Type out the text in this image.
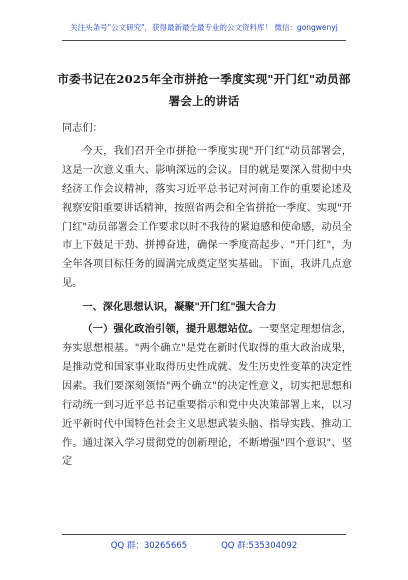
关注头条号"公文研究"，获得最新最全最专业的公文资料库！ 微信：gongwenyj
市委书记在2025年全市拼抢一季度实现"开门红"动员部
署会上的讲话

同志们：

今天，我们召开全市拼抢一季度实现"开门红"动员部署会，这是一次意义重大、影响深远的会议。目的就是要深入贯彻中央经济工作会议精神，落实习近平总书记对河南工作的重要论述及视察安阳重要讲话精神，按照省两会和全省拼抢一季度、实现"开门红"动员部署会工作要求以时不我待的紧迫感和使命感，动员全市上下鼓足干劲、拼搏奋进，确保一季度高起步、"开门红"，为全年各项目标任务的圆满完成奠定坚实基础。下面，我讲几点意见。

一、深化思想认识，凝聚"开门红"强大合力

（一）强化政治引领，提升思想站位。一要坚定理想信念，夯实思想根基。"两个确立"是党在新时代取得的重大政治成果，是推动党和国家事业取得历史性成就、发生历史性变革的决定性因素。我们要深刻领悟"两个确立"的决定性意义，切实把思想和行动统一到习近平总书记重要指示和党中央决策部署上来，以习近平新时代中国特色社会主义思想武装头脑、指导实践、推动工作。通过深入学习贯彻党的创新理论，不断增强"四个意识"、坚定

QQ 群：30265665	QQ 群:535304092
